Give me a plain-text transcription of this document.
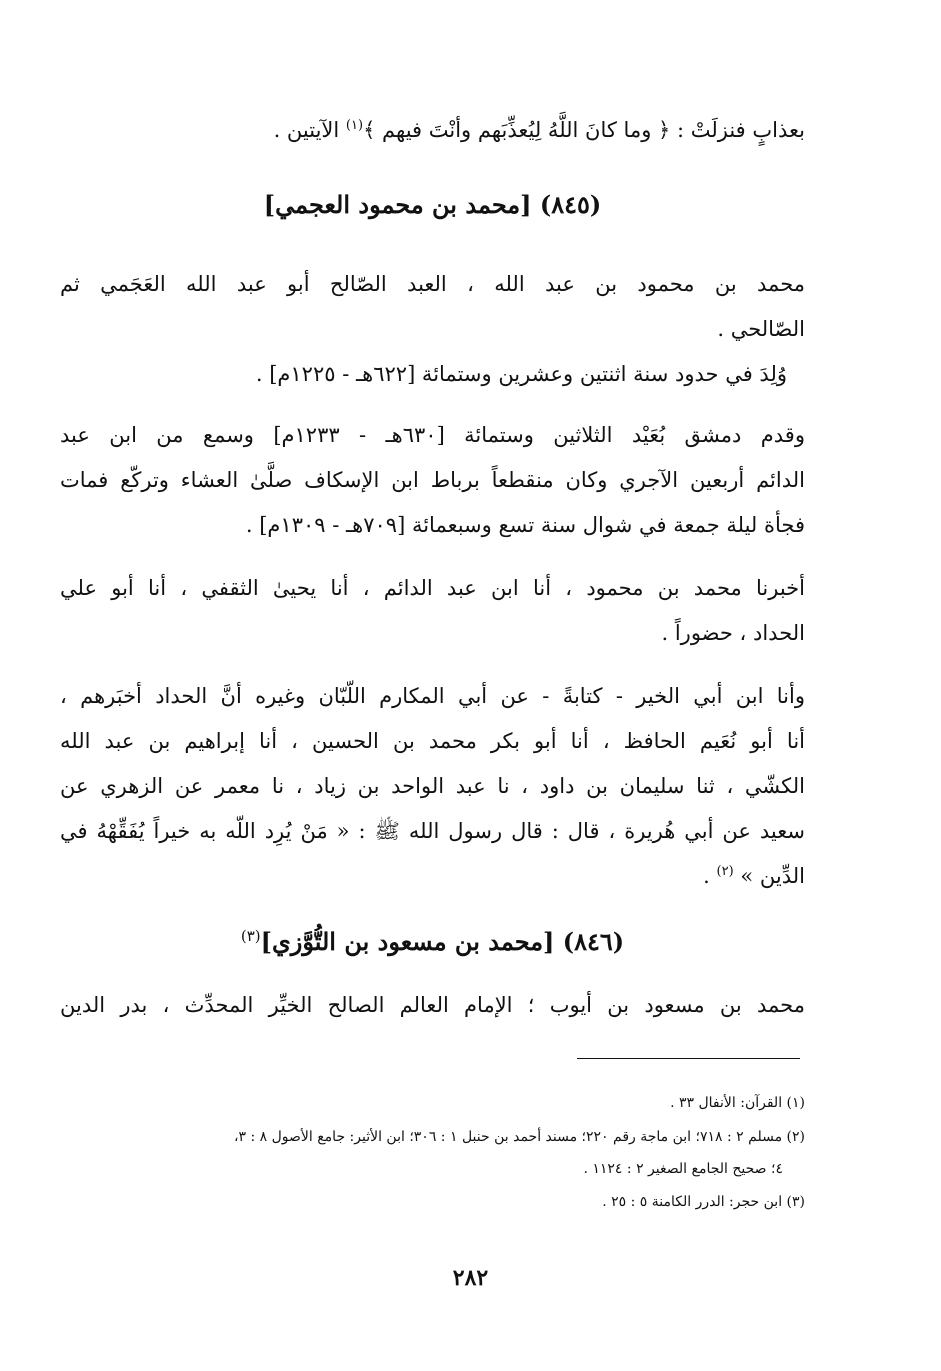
بعذابٍ فنزلَتْ : ﴿ وما كانَ اللَّهُ لِيُعذِّبَهم وأنْتَ فيهم ﴾$^{(١)}$ الآيتين .
(٨٤٥) [محمد بن محمود العجمي]
محمد بن محمود بن عبد الله ، العبد الصّالح أبو عبد الله العَجَمي ثم
الصّالحي .
وُلِدَ في حدود سنة اثنتين وعشرين وستمائة [٦٢٢هـ - ١٢٢٥م] .
وقدم دمشق بُعَيْد الثلاثين وستمائة [٦٣٠هـ - ١٢٣٣م] وسمع من ابن عبد
الدائم أربعين الآجري وكان منقطعاً برباط ابن الإسكاف صلَّىٰ العشاء وتركّع فمات
فجأة ليلة جمعة في شوال سنة تسع وسبعمائة [٧٠٩هـ - ١٣٠٩م] .
أخبرنا محمد بن محمود ، أنا ابن عبد الدائم ، أنا يحيىٰ الثقفي ، أنا أبو علي
الحداد ، حضوراً .
وأنا ابن أبي الخير - كتابةً - عن أبي المكارم اللّبّان وغيره أنَّ الحداد أخبَرهم ،
أنا أبو نُعَيم الحافظ ، أنا أبو بكر محمد بن الحسين ، أنا إبراهيم بن عبد الله
الكشّي ، ثنا سليمان بن داود ، نا عبد الواحد بن زياد ، نا معمر عن الزهري عن
سعيد عن أبي هُريرة ، قال : قال رسول الله ﷺ : « مَنْ يُرِد اللّه به خيراً يُفَقِّهْهُ في
الدِّين » $^{(٢)}$ .
(٨٤٦) [محمد بن مسعود بن التُّوَّزي]$^{(٣)}$
محمد بن مسعود بن أيوب ؛ الإمام العالم الصالح الخيِّر المحدِّث ، بدر الدين
(١) القرآن: الأنفال ٣٣ .
(٢) مسلم ٢ : ٧١٨؛ ابن ماجة رقم ٢٢٠؛ مسند أحمد بن حنبل ١ : ٣٠٦؛ ابن الأثير: جامع الأصول ٨ : ٣،
٤؛ صحيح الجامع الصغير ٢ : ١١٢٤ .
(٣) ابن حجر: الدرر الكامنة ٥ : ٢٥ .
٢٨٢
